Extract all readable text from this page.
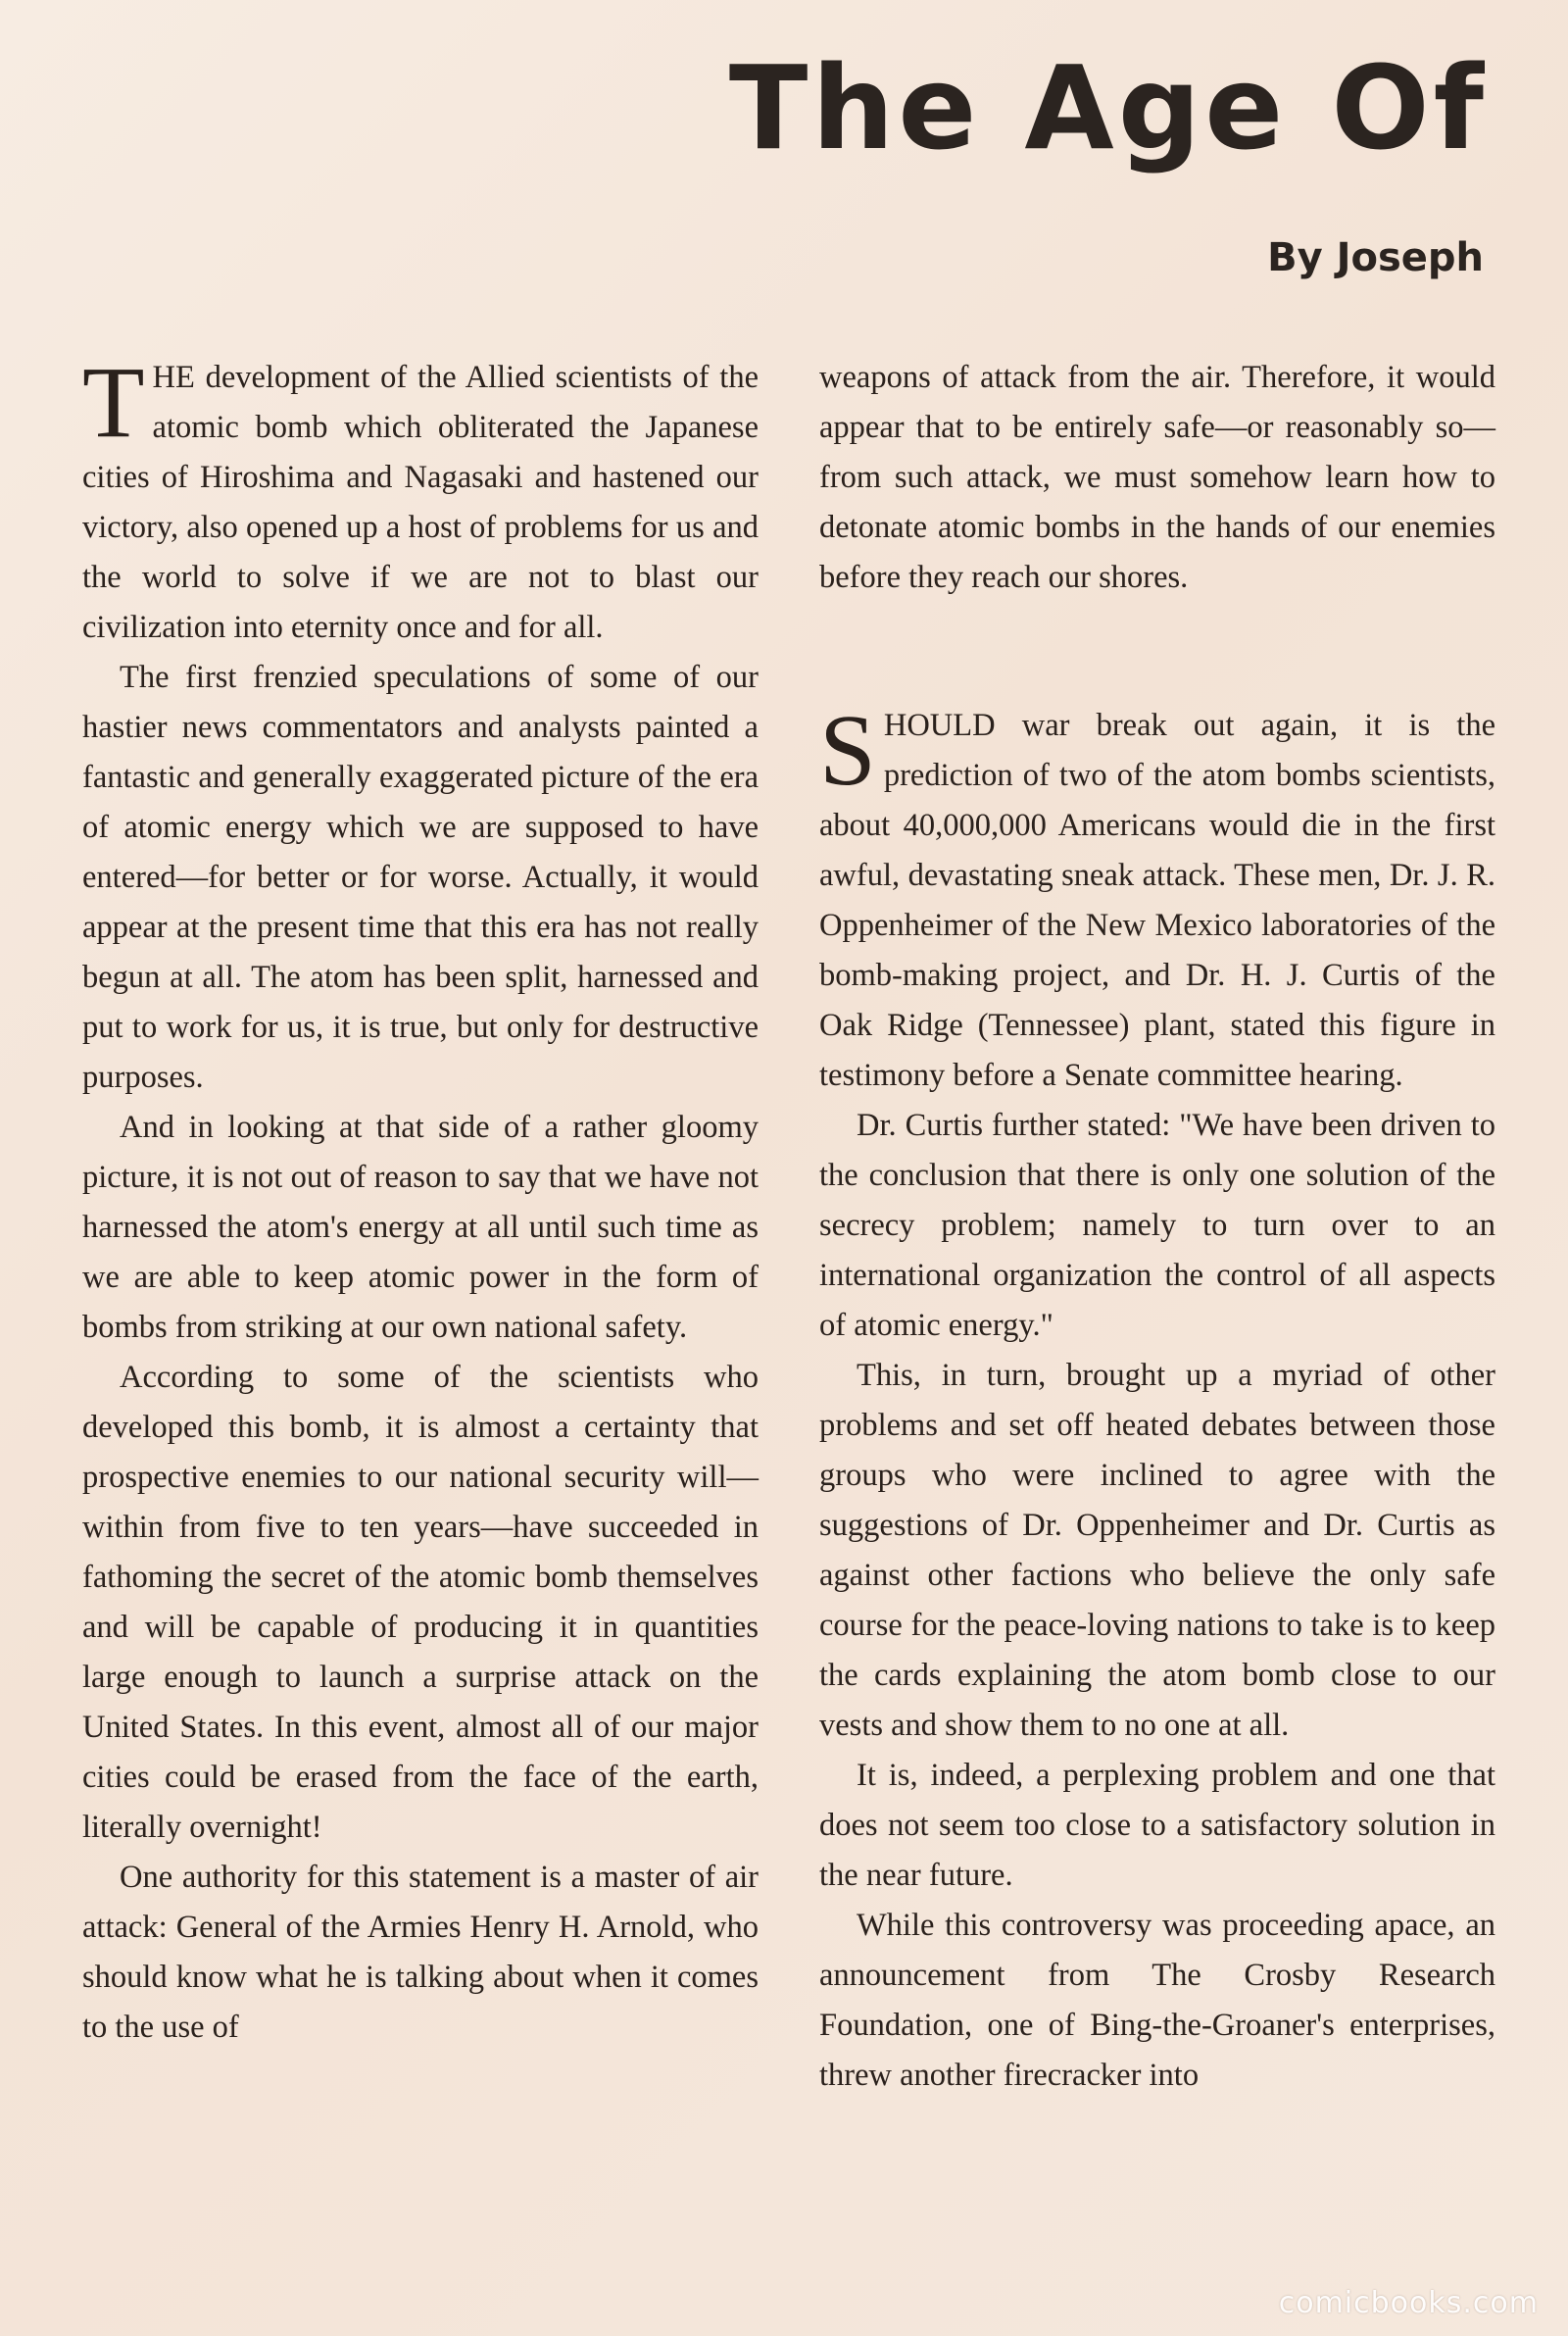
The Age Of
By Joseph

THE development of the Allied scientists of the atomic bomb which obliterated the Japanese cities of Hiroshima and Nagasaki and hastened our victory, also opened up a host of problems for us and the world to solve if we are not to blast our civilization into eternity once and for all.

The first frenzied speculations of some of our hastier news commentators and analysts painted a fantastic and generally exaggerated picture of the era of atomic energy which we are supposed to have entered—for better or for worse. Actually, it would appear at the present time that this era has not really begun at all. The atom has been split, harnessed and put to work for us, it is true, but only for destructive purposes.

And in looking at that side of a rather gloomy picture, it is not out of reason to say that we have not harnessed the atom's energy at all until such time as we are able to keep atomic power in the form of bombs from striking at our own national safety.

According to some of the scientists who developed this bomb, it is almost a certainty that prospective enemies to our national security will—within from five to ten years—have succeeded in fathoming the secret of the atomic bomb themselves and will be capable of producing it in quantities large enough to launch a surprise attack on the United States. In this event, almost all of our major cities could be erased from the face of the earth, literally overnight!

One authority for this statement is a master of air attack: General of the Armies Henry H. Arnold, who should know what he is talking about when it comes to the use of

weapons of attack from the air. Therefore, it would appear that to be entirely safe—or reasonably so—from such attack, we must somehow learn how to detonate atomic bombs in the hands of our enemies before they reach our shores.

SHOULD war break out again, it is the prediction of two of the atom bombs scientists, about 40,000,000 Americans would die in the first awful, devastating sneak attack. These men, Dr. J. R. Oppenheimer of the New Mexico laboratories of the bomb-making project, and Dr. H. J. Curtis of the Oak Ridge (Tennessee) plant, stated this figure in testimony before a Senate committee hearing.

Dr. Curtis further stated: "We have been driven to the conclusion that there is only one solution of the secrecy problem; namely to turn over to an international organization the control of all aspects of atomic energy."

This, in turn, brought up a myriad of other problems and set off heated debates between those groups who were inclined to agree with the suggestions of Dr. Oppenheimer and Dr. Curtis as against other factions who believe the only safe course for the peace-loving nations to take is to keep the cards explaining the atom bomb close to our vests and show them to no one at all.

It is, indeed, a perplexing problem and one that does not seem too close to a satisfactory solution in the near future.

While this controversy was proceeding apace, an announcement from The Crosby Research Foundation, one of Bing-the-Groaner's enterprises, threw another firecracker into

comicbooks.com
